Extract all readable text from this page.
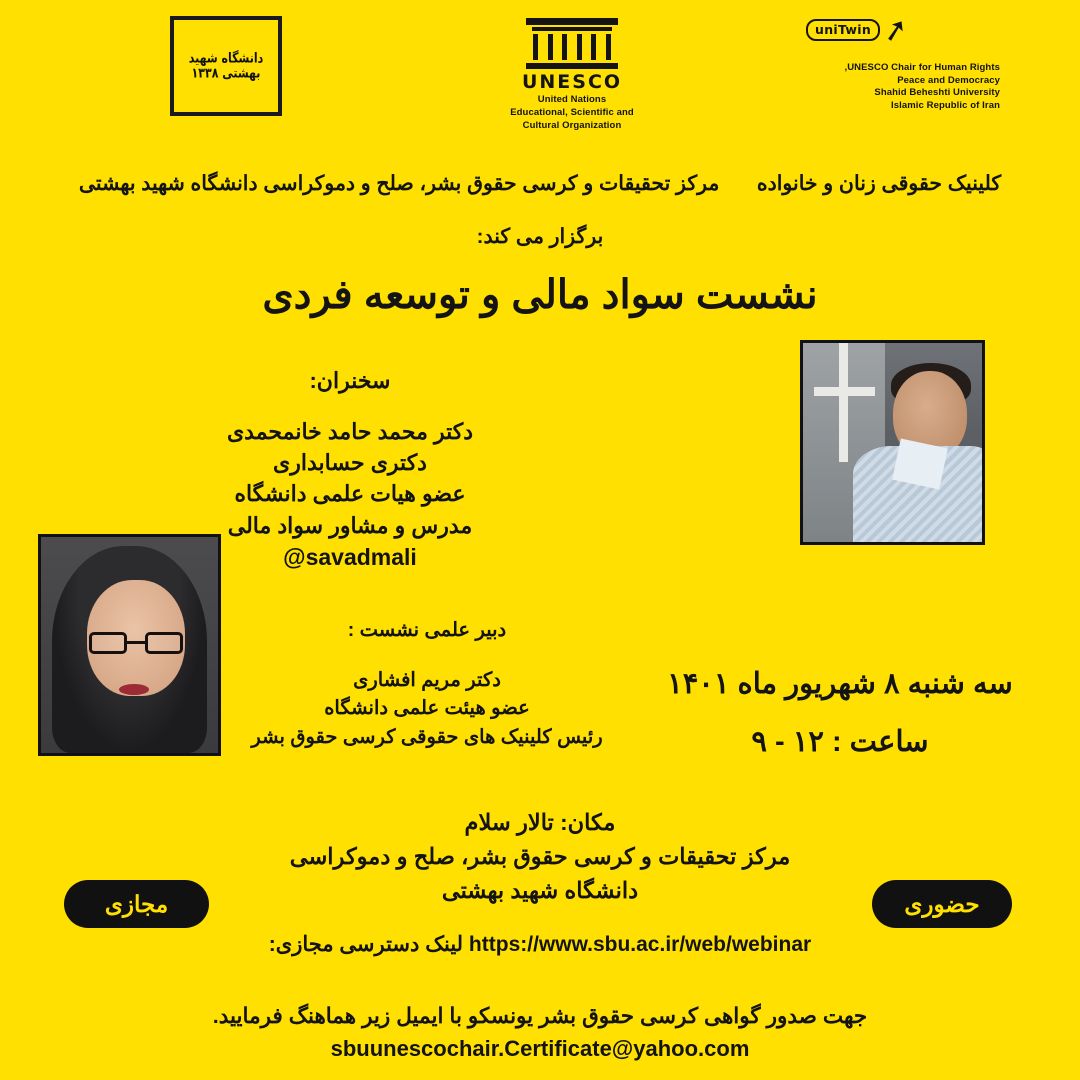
دانشگاه شهید بهشتی ۱۳۳۸	UNESCO
United Nations
Educational, Scientific and
Cultural Organization
➚ uniTwin
UNESCO Chair for Human Rights,
Peace and Democracy
Shahid Beheshti University
Islamic Republic of Iran
کلینیک حقوقی زنان و خانواده  مرکز تحقیقات و کرسی حقوق بشر، صلح و دموکراسی دانشگاه شهید بهشتی
برگزار می کند:
نشست سواد مالی و توسعه فردی
سخنران:
دکتر محمد حامد خانمحمدی
دکتری حسابداری
عضو هیات علمی دانشگاه
مدرس و مشاور سواد مالی
@savadmali
دبیر علمی نشست :
دکتر مریم افشاری
عضو هیئت علمی دانشگاه
رئیس کلینیک های حقوقی کرسی حقوق بشر
سه شنبه ۸ شهریور ماه ۱۴۰۱
ساعت : ۱۲ - ۹
مکان: تالار سلام
مرکز تحقیقات و کرسی حقوق بشر، صلح و دموکراسی
دانشگاه شهید بهشتی
مجازی	حضوری
https://www.sbu.ac.ir/web/webinar لینک دسترسی مجازی:
جهت صدور گواهی کرسی حقوق بشر یونسکو با ایمیل زیر هماهنگ فرمایید.
sbuunescochair.Certificate@yahoo.com
